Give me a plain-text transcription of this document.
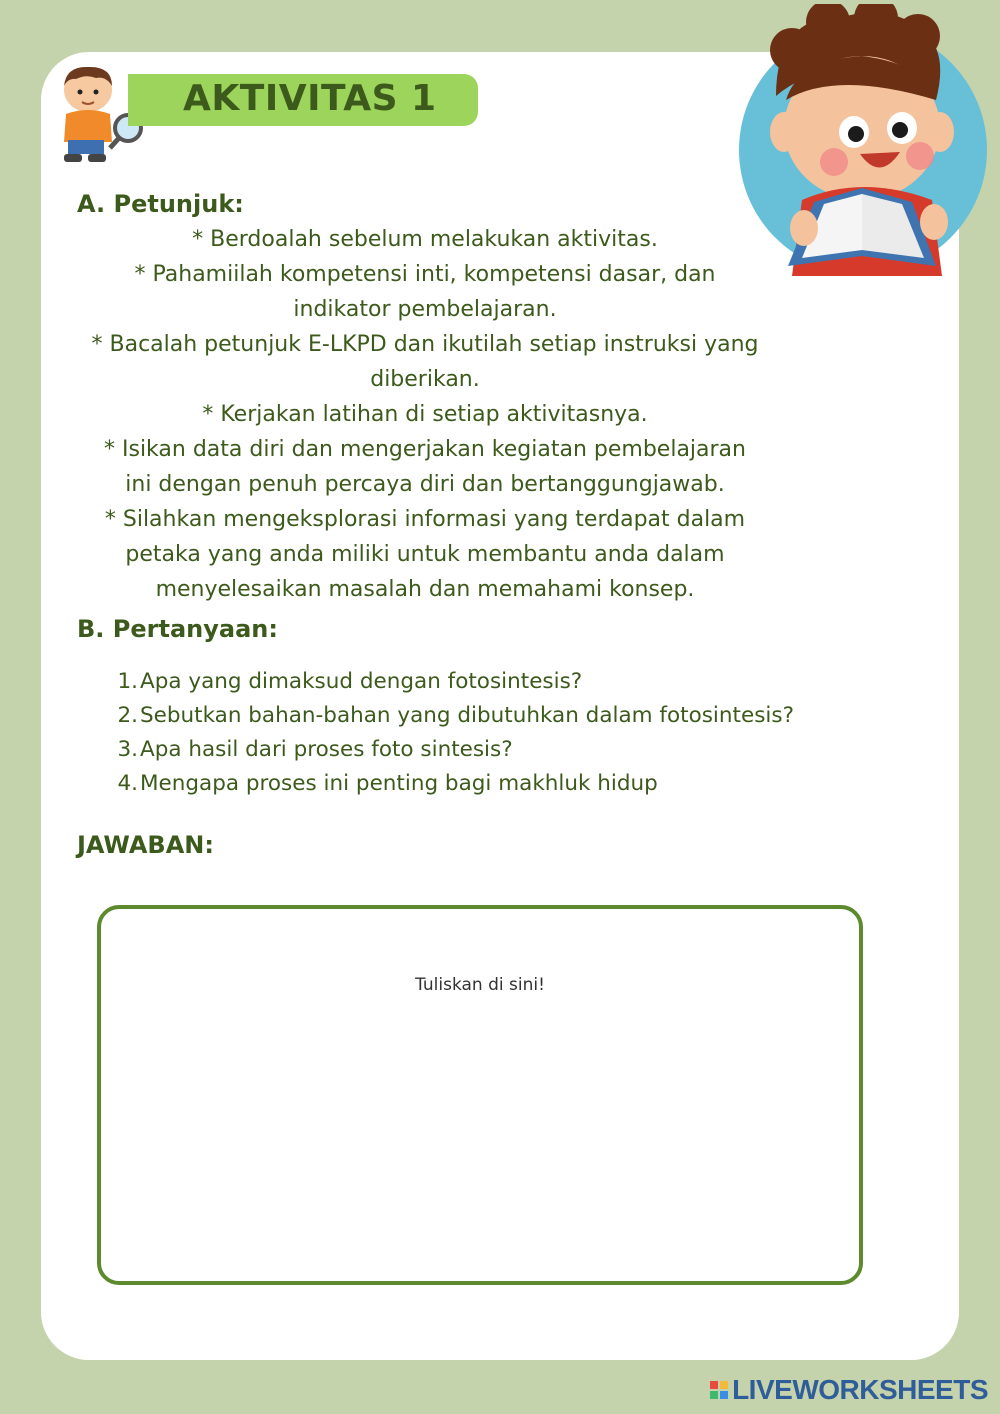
AKTIVITAS 1
A. Petunjuk:

* Berdoalah sebelum melakukan aktivitas.

* Pahamiilah kompetensi inti, kompetensi dasar, dan

indikator pembelajaran.

* Bacalah petunjuk E-LKPD dan ikutilah setiap instruksi yang

diberikan.

* Kerjakan latihan di setiap aktivitasnya.

* Isikan data diri dan mengerjakan kegiatan pembelajaran

ini dengan penuh percaya diri dan bertanggungjawab.

* Silahkan mengeksplorasi informasi yang terdapat dalam

petaka yang anda miliki untuk membantu anda dalam

menyelesaikan masalah dan memahami konsep.

B. Pertanyaan:
1. Apa yang dimaksud dengan fotosintesis?
2. Sebutkan bahan-bahan yang dibutuhkan dalam fotosintesis?
3. Apa hasil dari proses foto sintesis?
4. Mengapa proses ini penting bagi makhluk hidup
JAWABAN:
Tuliskan di sini!
LIVEWORKSHEETS
